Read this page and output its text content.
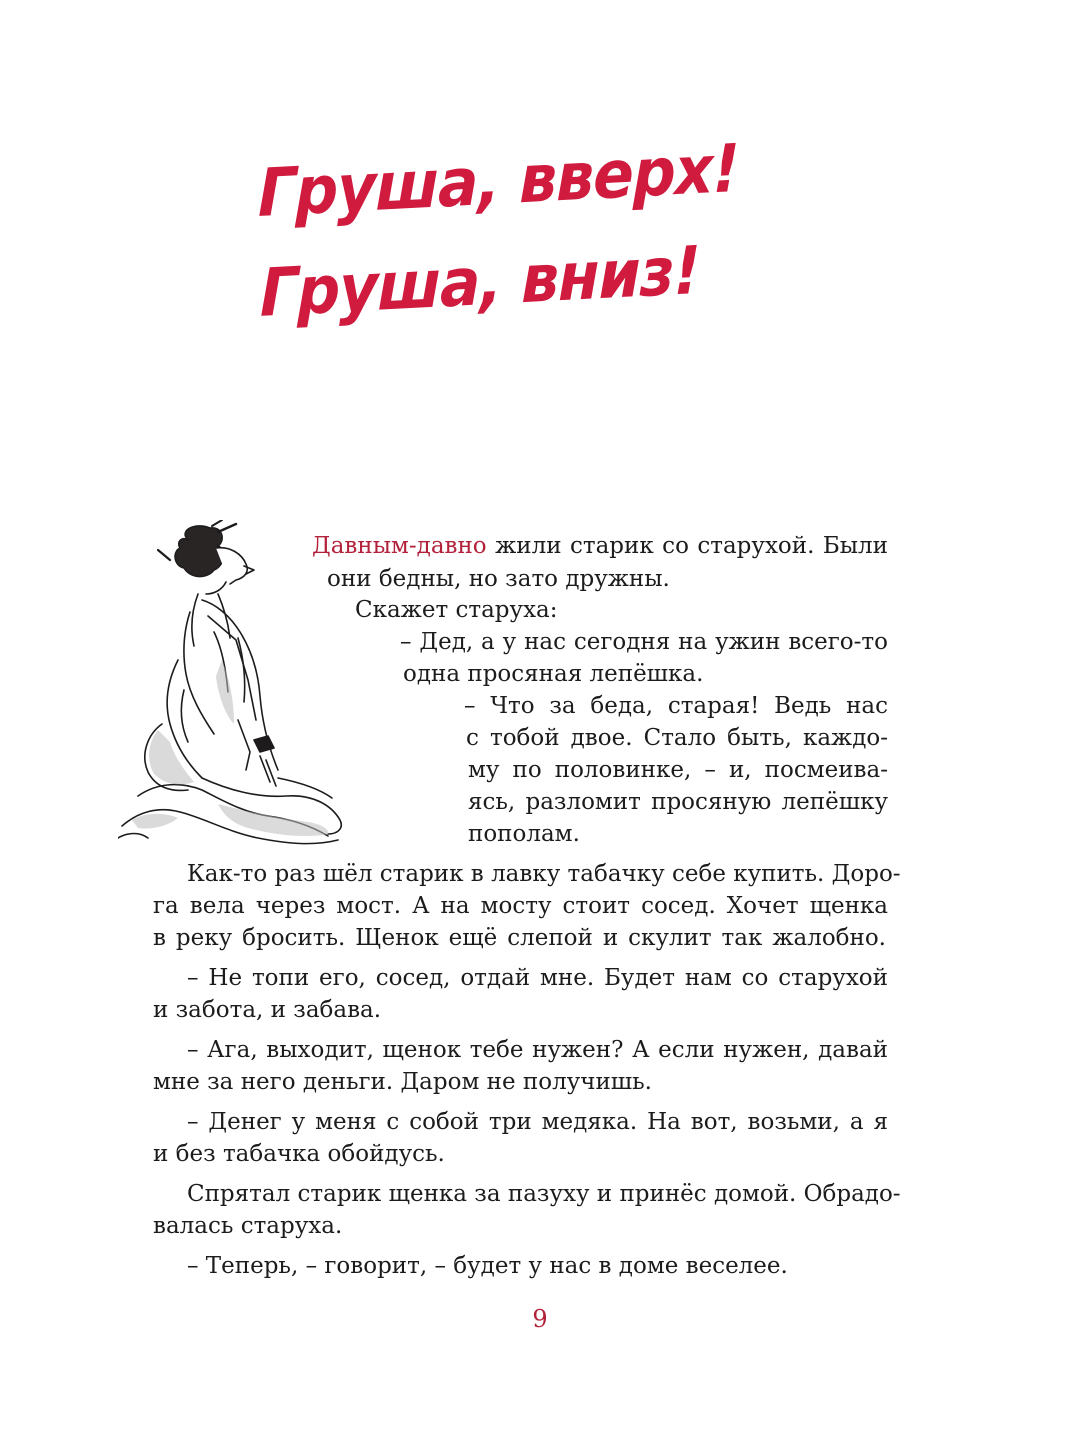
Груша, вверх!
Груша, вниз!
Давным-давно жили старик со старухой. Были
они бедны, но зато дружны.
Скажет старуха:
– Дед, а у нас сегодня на ужин всего-то
одна просяная лепёшка.
– Что за беда, старая! Ведь нас
с тобой двое. Стало быть, каждо-
му по половинке, – и, посмеива-
ясь, разломит просяную лепёшку
пополам.
Как-то раз шёл старик в лавку табачку себе купить. Доро-
га вела через мост. А на мосту стоит сосед. Хочет щенка
в реку бросить. Щенок ещё слепой и скулит так жалобно.
– Не топи его, сосед, отдай мне. Будет нам со старухой
и забота, и забава.
– Ага, выходит, щенок тебе нужен? А если нужен, давай
мне за него деньги. Даром не получишь.
– Денег у меня с собой три медяка. На вот, возьми, а я
и без табачка обойдусь.
Спрятал старик щенка за пазуху и принёс домой. Обрадо-
валась старуха.
– Теперь, – говорит, – будет у нас в доме веселее.
9
